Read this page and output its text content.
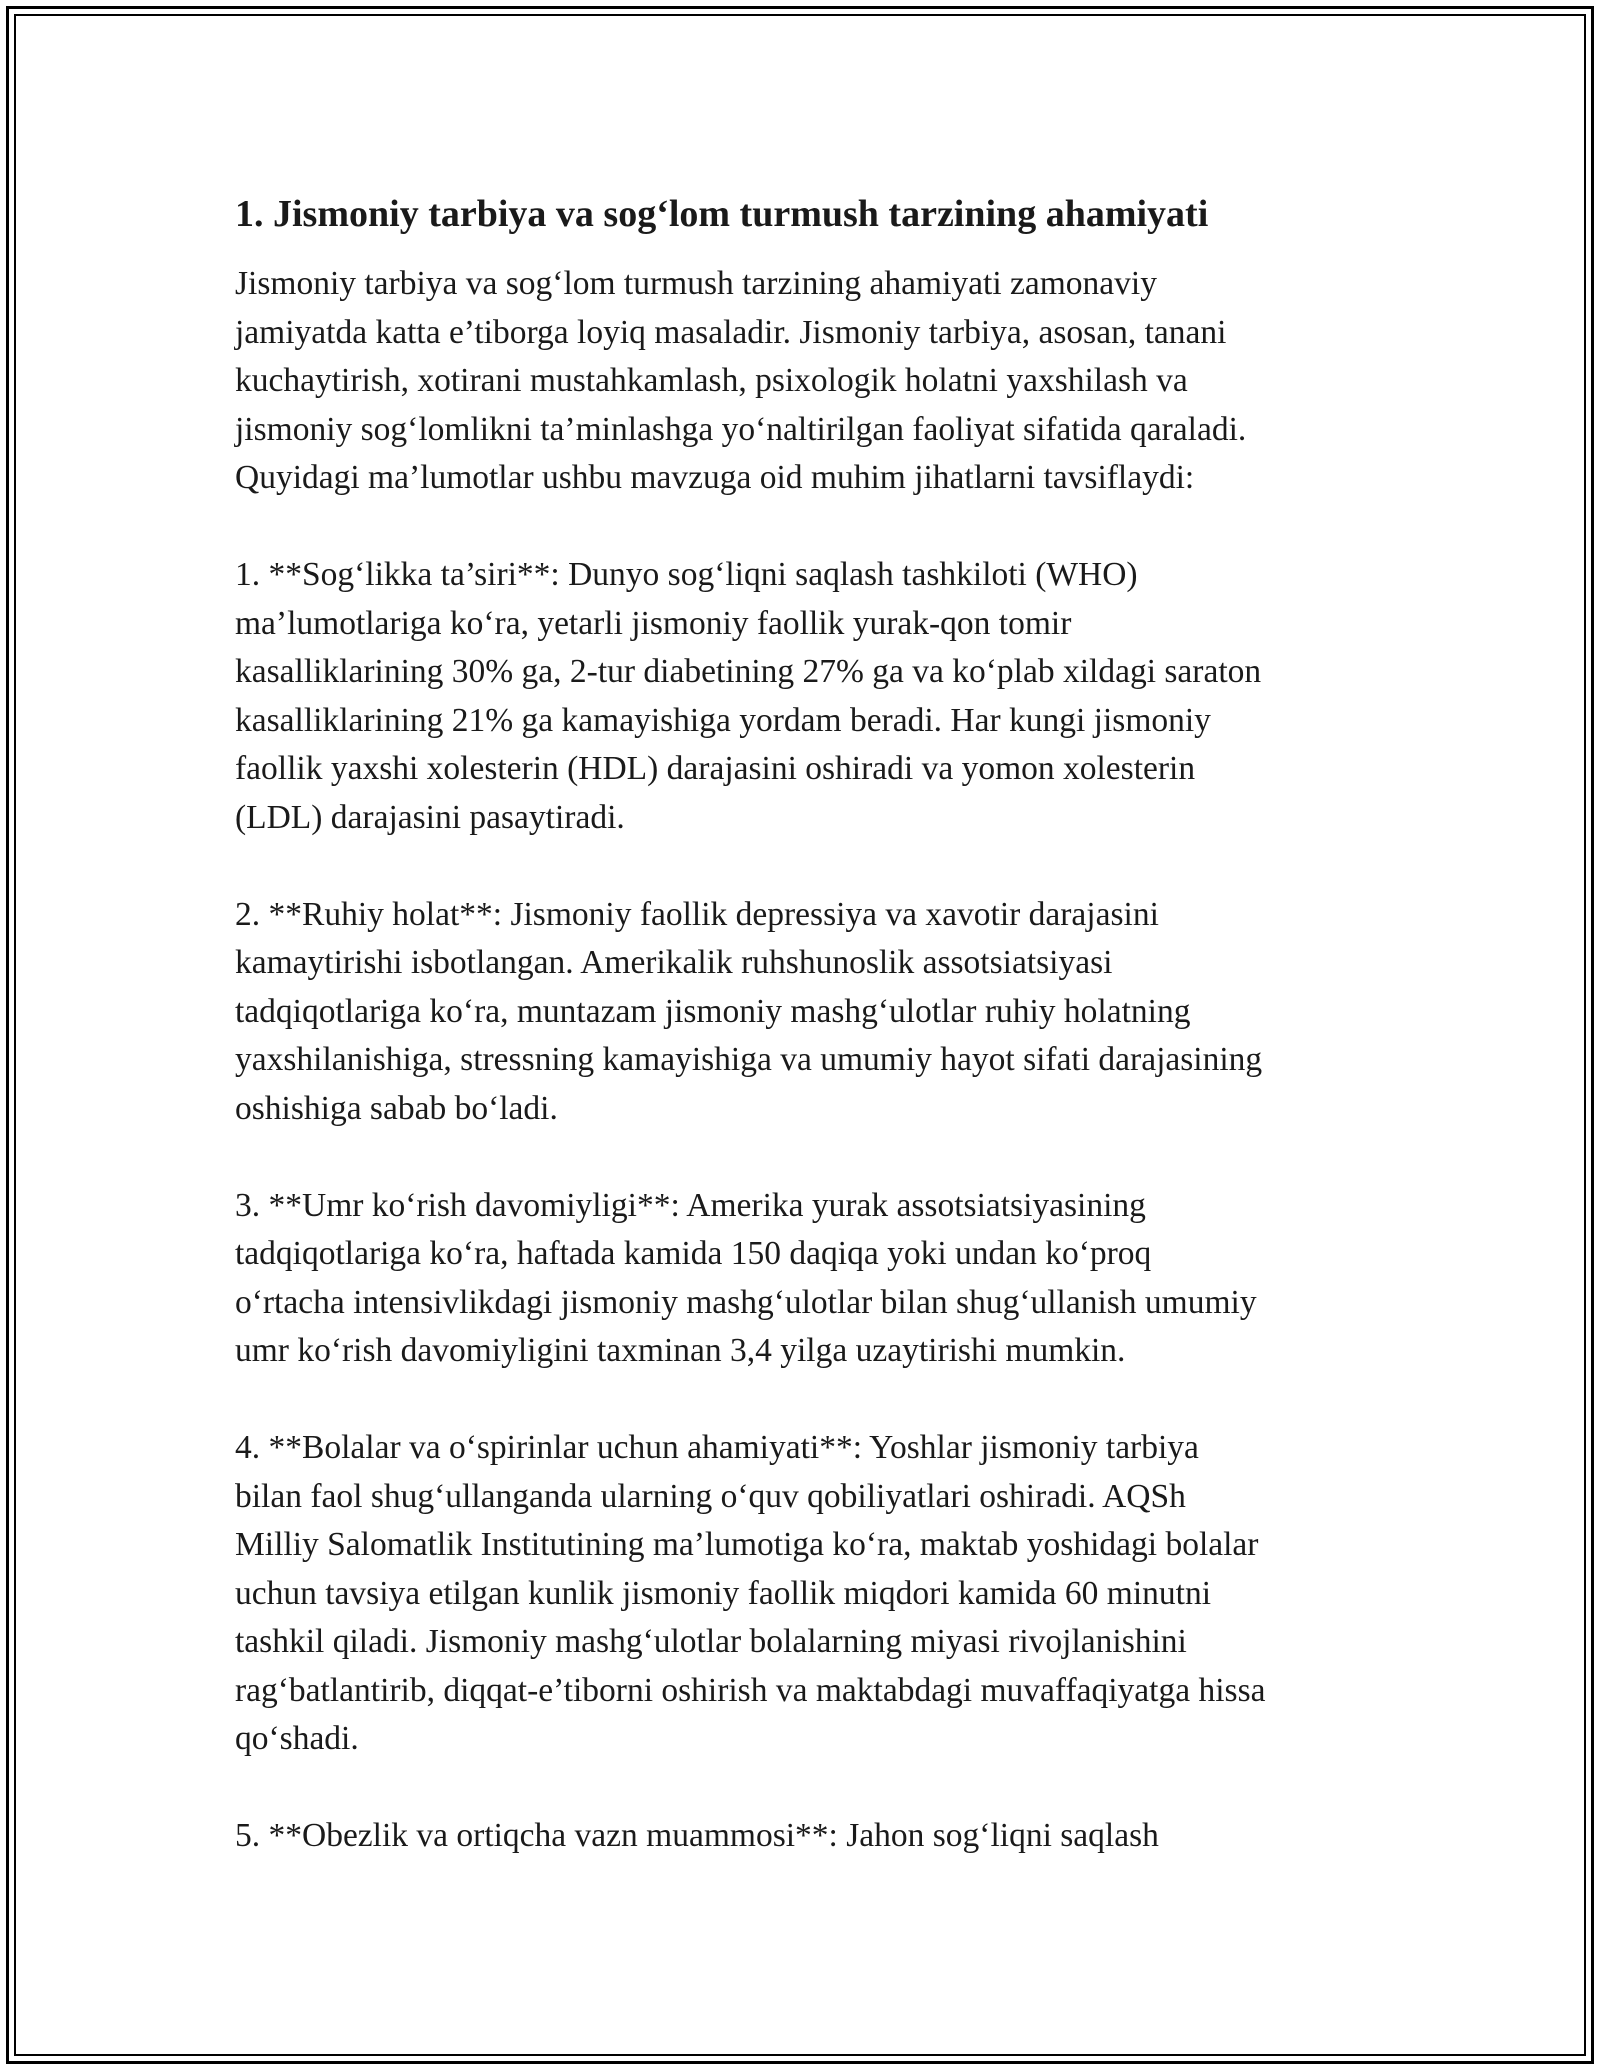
1. Jismoniy tarbiya va sog‘lom turmush tarzining ahamiyati

Jismoniy tarbiya va sog‘lom turmush tarzining ahamiyati zamonaviy
jamiyatda katta e’tiborga loyiq masaladir. Jismoniy tarbiya, asosan, tanani
kuchaytirish, xotirani mustahkamlash, psixologik holatni yaxshilash va
jismoniy sog‘lomlikni ta’minlashga yo‘naltirilgan faoliyat sifatida qaraladi.
Quyidagi ma’lumotlar ushbu mavzuga oid muhim jihatlarni tavsiflaydi:

1. **Sog‘likka ta’siri**: Dunyo sog‘liqni saqlash tashkiloti (WHO)
ma’lumotlariga ko‘ra, yetarli jismoniy faollik yurak-qon tomir
kasalliklarining 30% ga, 2-tur diabetining 27% ga va ko‘plab xildagi saraton
kasalliklarining 21% ga kamayishiga yordam beradi. Har kungi jismoniy
faollik yaxshi xolesterin (HDL) darajasini oshiradi va yomon xolesterin
(LDL) darajasini pasaytiradi.

2. **Ruhiy holat**: Jismoniy faollik depressiya va xavotir darajasini
kamaytirishi isbotlangan. Amerikalik ruhshunoslik assotsiatsiyasi
tadqiqotlariga ko‘ra, muntazam jismoniy mashg‘ulotlar ruhiy holatning
yaxshilanishiga, stressning kamayishiga va umumiy hayot sifati darajasining
oshishiga sabab bo‘ladi.

3. **Umr ko‘rish davomiyligi**: Amerika yurak assotsiatsiyasining
tadqiqotlariga ko‘ra, haftada kamida 150 daqiqa yoki undan ko‘proq
o‘rtacha intensivlikdagi jismoniy mashg‘ulotlar bilan shug‘ullanish umumiy
umr ko‘rish davomiyligini taxminan 3,4 yilga uzaytirishi mumkin.

4. **Bolalar va o‘spirinlar uchun ahamiyati**: Yoshlar jismoniy tarbiya
bilan faol shug‘ullanganda ularning o‘quv qobiliyatlari oshiradi. AQSh
Milliy Salomatlik Institutining ma’lumotiga ko‘ra, maktab yoshidagi bolalar
uchun tavsiya etilgan kunlik jismoniy faollik miqdori kamida 60 minutni
tashkil qiladi. Jismoniy mashg‘ulotlar bolalarning miyasi rivojlanishini
rag‘batlantirib, diqqat-e’tiborni oshirish va maktabdagi muvaffaqiyatga hissa
qo‘shadi.

5. **Obezlik va ortiqcha vazn muammosi**: Jahon sog‘liqni saqlash
